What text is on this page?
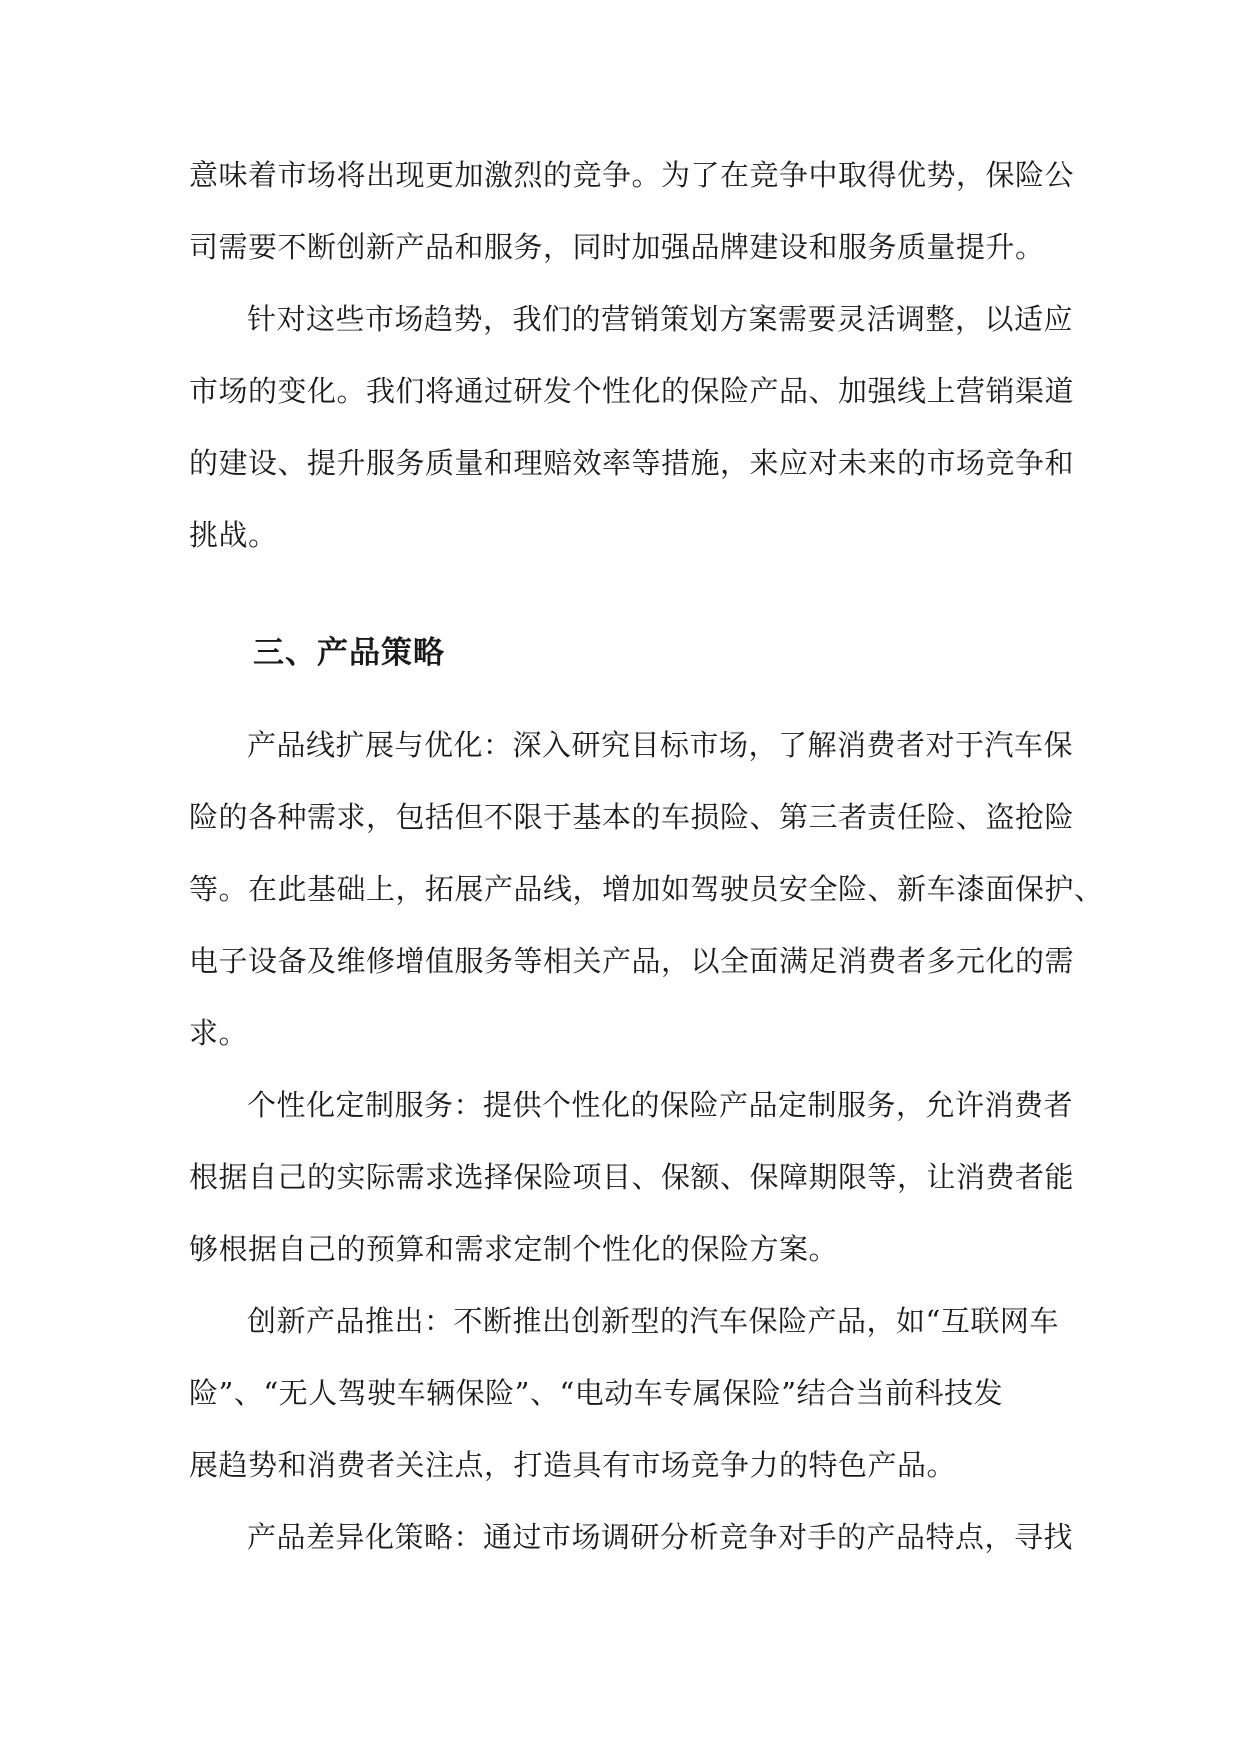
意味着市场将出现更加激烈的竞争。为了在竞争中取得优势，保险公
司需要不断创新产品和服务，同时加强品牌建设和服务质量提升。
针对这些市场趋势，我们的营销策划方案需要灵活调整，以适应
市场的变化。我们将通过研发个性化的保险产品、加强线上营销渠道
的建设、提升服务质量和理赔效率等措施，来应对未来的市场竞争和
挑战。
三、产品策略
产品线扩展与优化：深入研究目标市场，了解消费者对于汽车保
险的各种需求，包括但不限于基本的车损险、第三者责任险、盗抢险
等。在此基础上，拓展产品线，增加如驾驶员安全险、新车漆面保护、
电子设备及维修增值服务等相关产品，以全面满足消费者多元化的需
求。
个性化定制服务：提供个性化的保险产品定制服务，允许消费者
根据自己的实际需求选择保险项目、保额、保障期限等，让消费者能
够根据自己的预算和需求定制个性化的保险方案。
创新产品推出：不断推出创新型的汽车保险产品，如“互联网车
险”、“无人驾驶车辆保险”、“电动车专属保险”结合当前科技发
展趋势和消费者关注点，打造具有市场竞争力的特色产品。
产品差异化策略：通过市场调研分析竞争对手的产品特点，寻找
